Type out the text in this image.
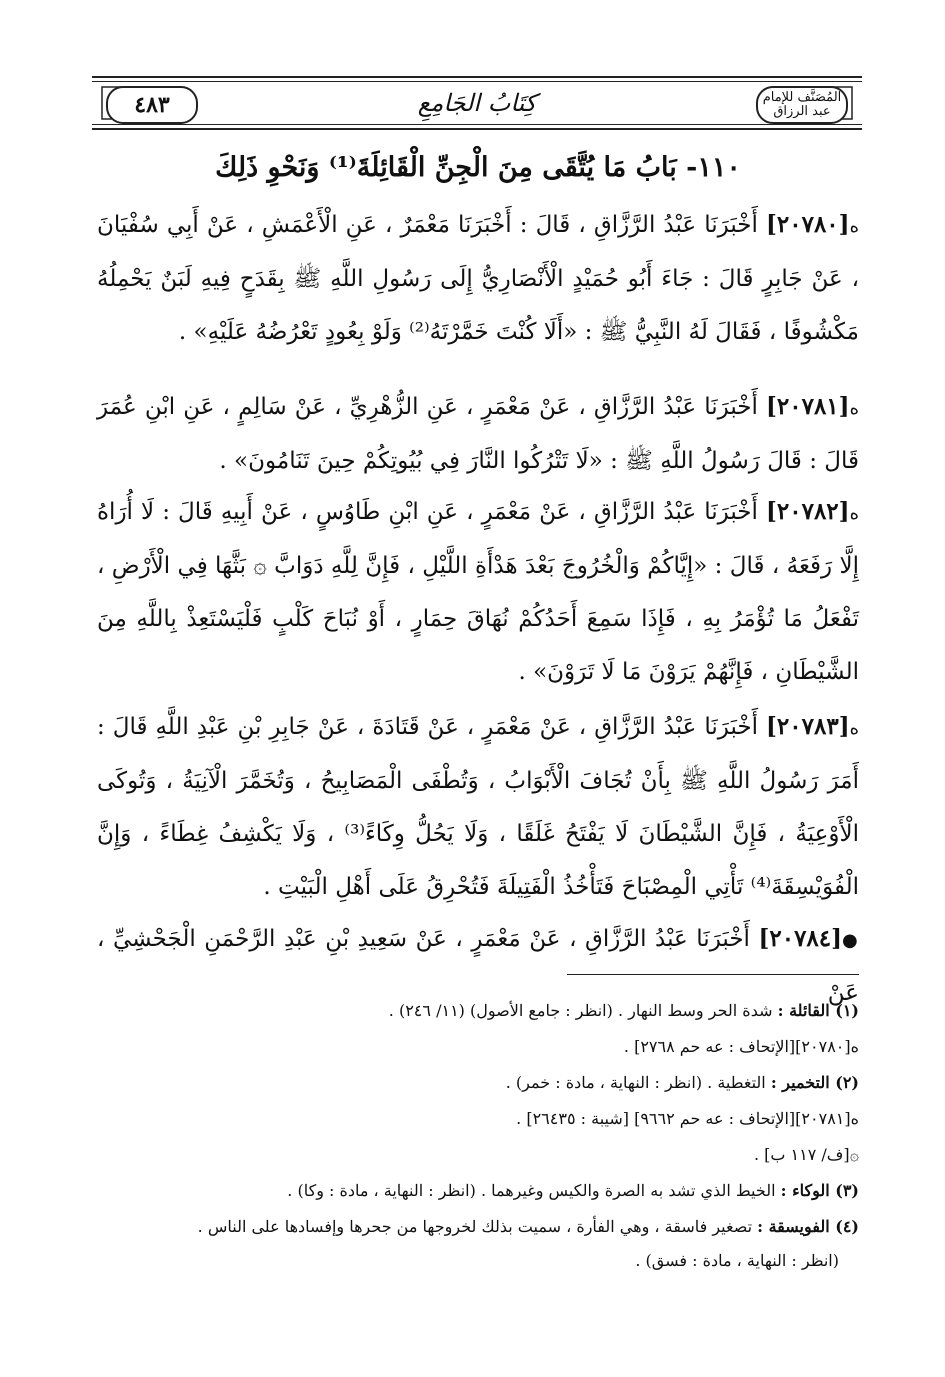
٤٨٣	كِتَابُ الجَامِعِ	المُصَنَّف للإمام عبد الرزاق
١١٠- بَابُ مَا يُتَّقَى مِنَ الْجِنِّ الْقَائِلَةَ⁽¹⁾ وَنَحْوِ ذَلِكَ
ه[٢٠٧٨٠] أَخْبَرَنَا عَبْدُ الرَّزَّاقِ ، قَالَ : أَخْبَرَنَا مَعْمَرٌ ، عَنِ الْأَعْمَشِ ، عَنْ أَبِي سُفْيَانَ ، عَنْ جَابِرٍ قَالَ : جَاءَ أَبُو حُمَيْدٍ الْأَنْصَارِيُّ إِلَى رَسُولِ اللَّهِ ﷺ بِقَدَحٍ فِيهِ لَبَنٌ يَحْمِلُهُ مَكْشُوفًا ، فَقَالَ لَهُ النَّبِيُّ ﷺ : «أَلَا كُنْتَ خَمَّرْتَهُ⁽²⁾ وَلَوْ بِعُودٍ تَعْرُضُهُ عَلَيْهِ» .
ه[٢٠٧٨١] أَخْبَرَنَا عَبْدُ الرَّزَّاقِ ، عَنْ مَعْمَرٍ ، عَنِ الزُّهْرِيِّ ، عَنْ سَالِمٍ ، عَنِ ابْنِ عُمَرَ قَالَ : قَالَ رَسُولُ اللَّهِ ﷺ : «لَا تَتْرُكُوا النَّارَ فِي بُيُوتِكُمْ حِينَ تَنَامُونَ» .
ه[٢٠٧٨٢] أَخْبَرَنَا عَبْدُ الرَّزَّاقِ ، عَنْ مَعْمَرٍ ، عَنِ ابْنِ طَاوُسٍ ، عَنْ أَبِيهِ قَالَ : لَا أُرَاهُ إِلَّا رَفَعَهُ ، قَالَ : «إِيَّاكُمْ وَالْخُرُوجَ بَعْدَ هَدْأَةِ اللَّيْلِ ، فَإِنَّ لِلَّهِ دَوَابَّ ۞ بَثَّهَا فِي الْأَرْضِ ، تَفْعَلُ مَا تُؤْمَرُ بِهِ ، فَإِذَا سَمِعَ أَحَدُكُمْ نُهَاقَ حِمَارٍ ، أَوْ نُبَاحَ كَلْبٍ فَلْيَسْتَعِذْ بِاللَّهِ مِنَ الشَّيْطَانِ ، فَإِنَّهُمْ يَرَوْنَ مَا لَا تَرَوْنَ» .
ه[٢٠٧٨٣] أَخْبَرَنَا عَبْدُ الرَّزَّاقِ ، عَنْ مَعْمَرٍ ، عَنْ قَتَادَةَ ، عَنْ جَابِرِ بْنِ عَبْدِ اللَّهِ قَالَ : أَمَرَ رَسُولُ اللَّهِ ﷺ بِأَنْ تُجَافَ الْأَبْوَابُ ، وَتُطْفَى الْمَصَابِيحُ ، وَتُخَمَّرَ الْآنِيَةُ ، وَتُوكَى الْأَوْعِيَةُ ، فَإِنَّ الشَّيْطَانَ لَا يَفْتَحُ غَلَقًا ، وَلَا يَحُلُّ وِكَاءً⁽³⁾ ، وَلَا يَكْشِفُ غِطَاءً ، وَإِنَّ الْفُوَيْسِقَةَ⁽⁴⁾ تَأْتِي الْمِصْبَاحَ فَتَأْخُذُ الْفَتِيلَةَ فَتُحْرِقُ عَلَى أَهْلِ الْبَيْتِ .
●[٢٠٧٨٤] أَخْبَرَنَا عَبْدُ الرَّزَّاقِ ، عَنْ مَعْمَرٍ ، عَنْ سَعِيدِ بْنِ عَبْدِ الرَّحْمَنِ الْجَحْشِيِّ ، عَنْ
(١) القائلة : شدة الحر وسط النهار . (انظر : جامع الأصول) (١١/ ٢٤٦) .
ه[٢٠٧٨٠][الإتحاف : عه حم ٢٧٦٨] .
(٢) التخمير : التغطية . (انظر : النهاية ، مادة : خمر) .
ه[٢٠٧٨١][الإتحاف : عه حم ٩٦٦٢] [شيبة : ٢٦٤٣٥] .
۞[ف/ ١١٧ ب] .
(٣) الوكاء : الخيط الذي تشد به الصرة والكيس وغيرهما . (انظر : النهاية ، مادة : وكا) .
(٤) الفويسقة : تصغير فاسقة ، وهي الفأرة ، سميت بذلك لخروجها من جحرها وإفسادها على الناس .
(انظر : النهاية ، مادة : فسق) .
